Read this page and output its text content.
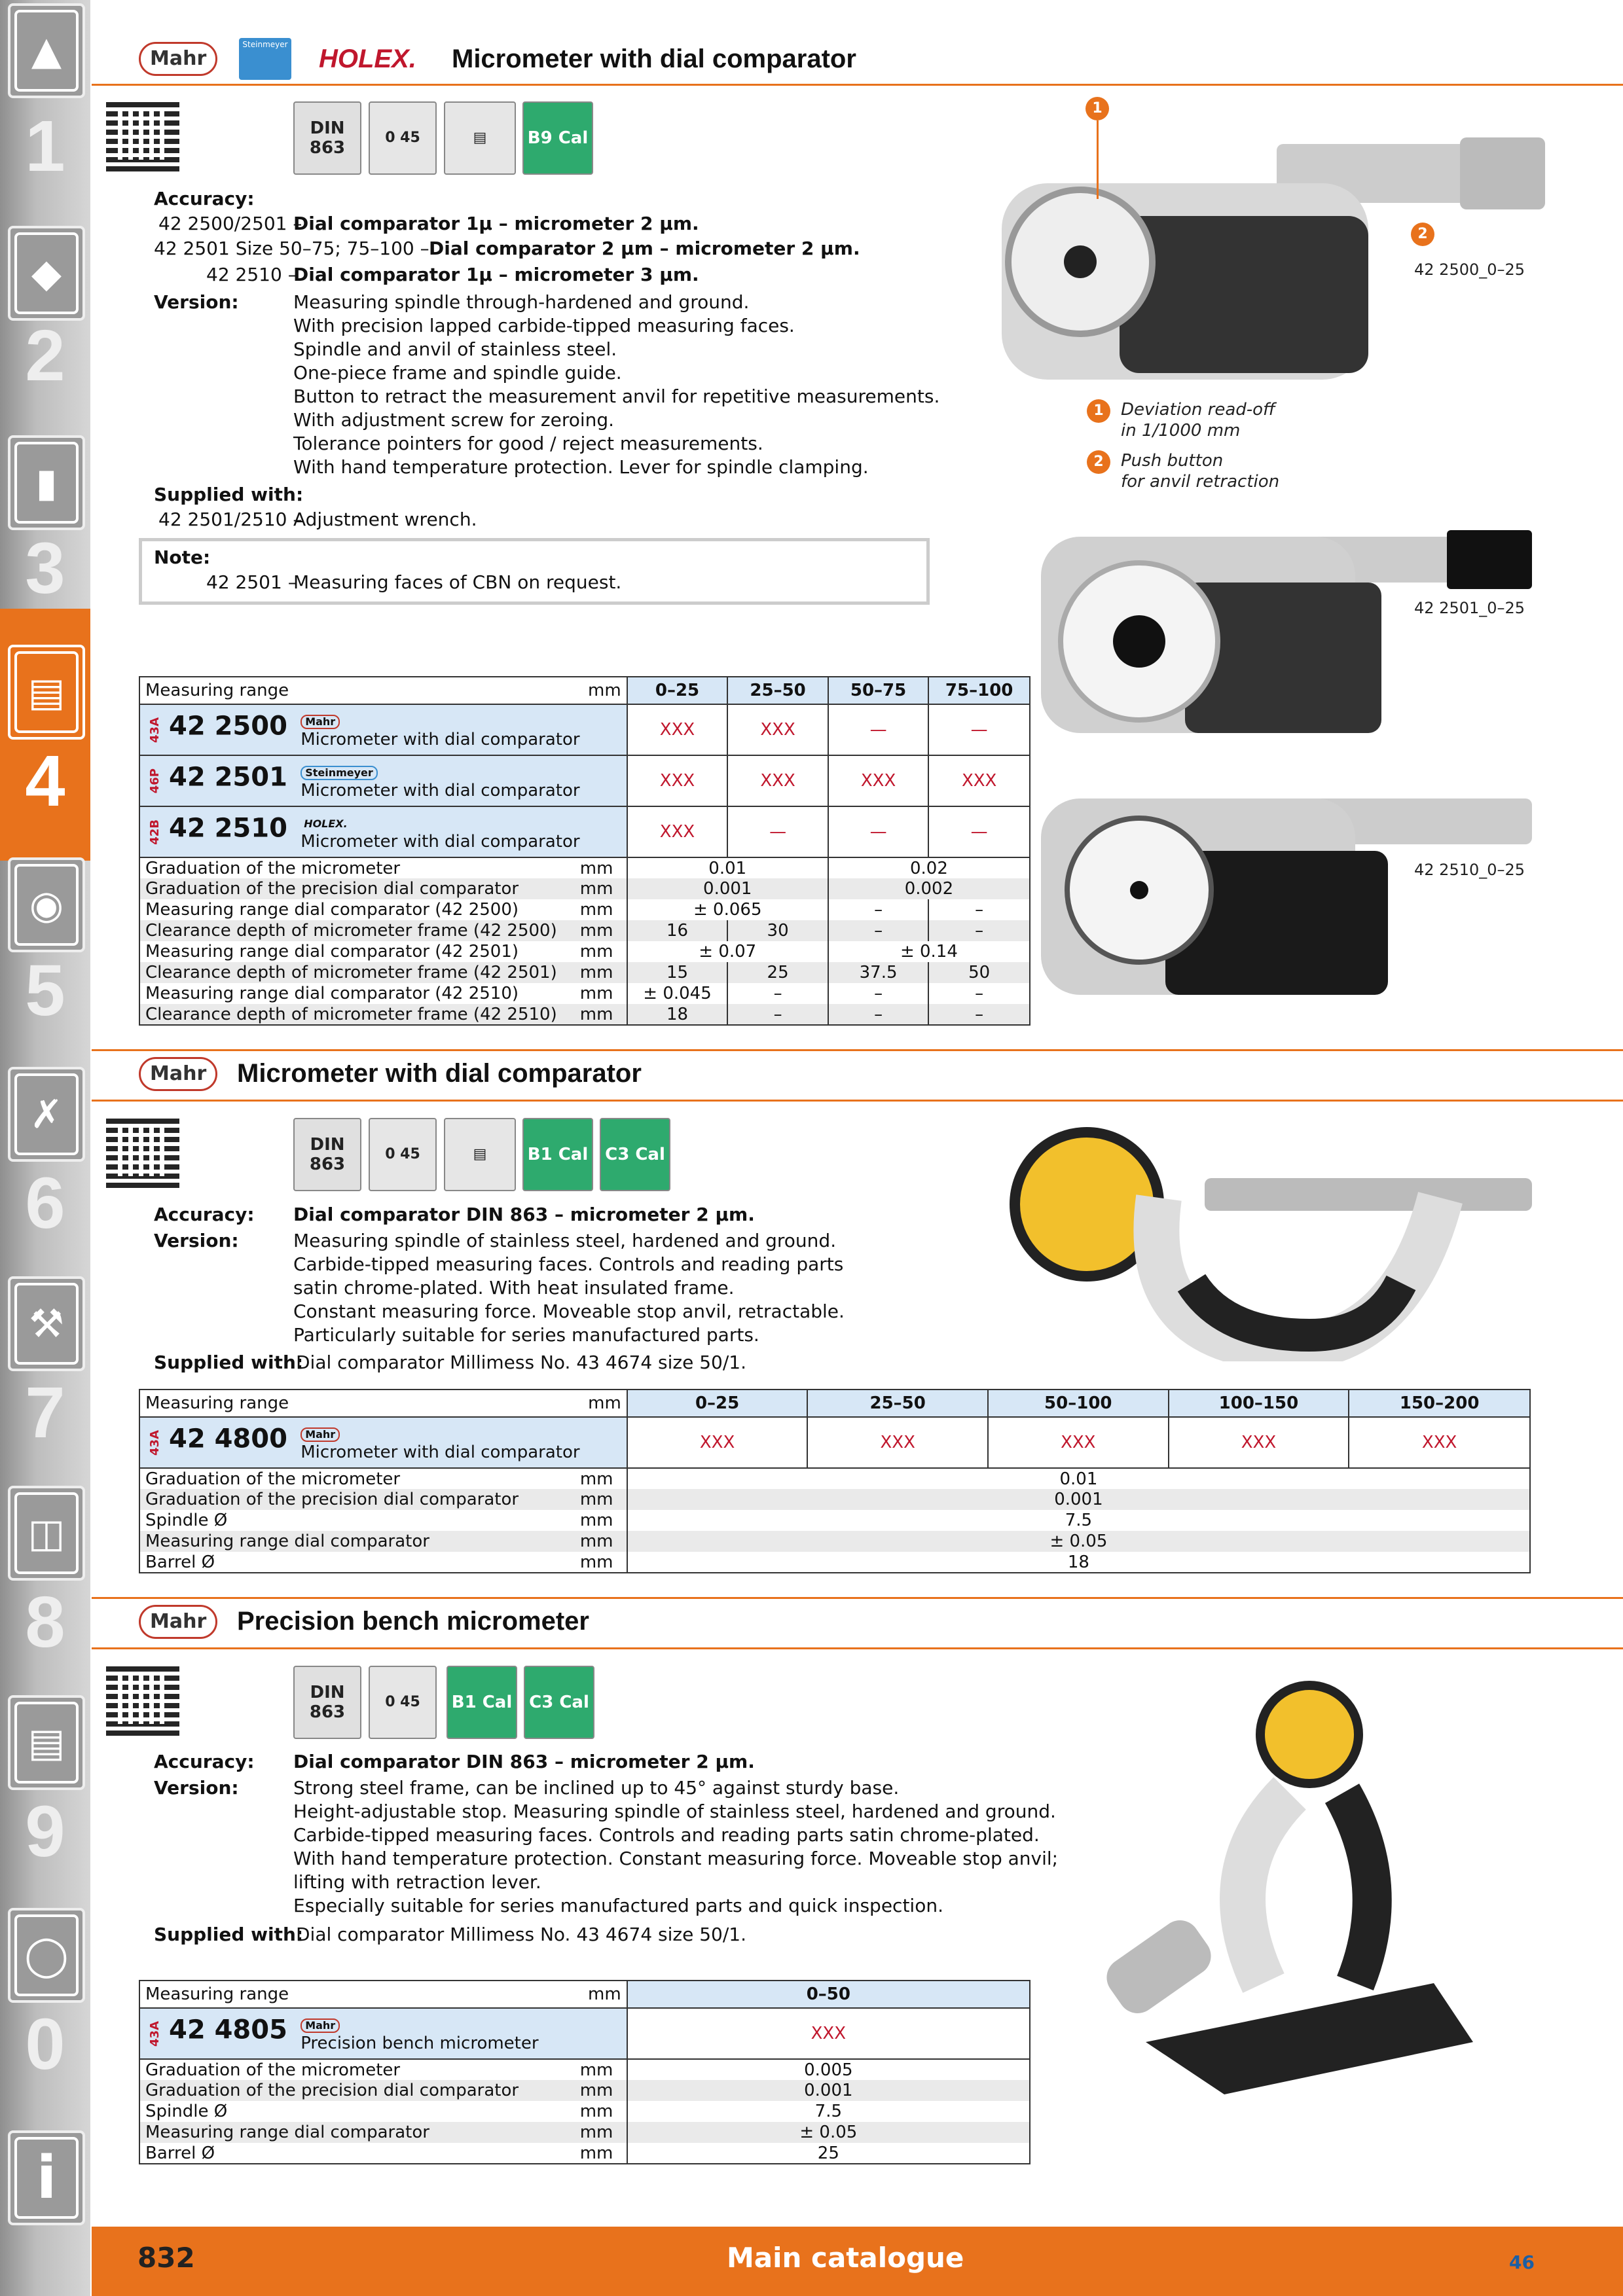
▲
1
◆
2
▮
3
▤
4
◉
5
✗
6
⚒
7
◫
8
▤
9
◯
0
i
Mahr
Steinmeyer HOLEX. Micrometer with dial comparator
DIN 863
0 45	▤	B9 Cal
Accuracy:
42 2500/2501 –
Dial comparator 1µ – micrometer 2 µm.
42 2501 Size 50–75; 75–100 – Dial comparator 2 µm – micrometer 2 µm.
42 2510 –
Dial comparator 1µ – micrometer 3 µm.
Version:	Measuring spindle through-hardened and ground.
With precision lapped carbide-tipped measuring faces.
Spindle and anvil of stainless steel.
One-piece frame and spindle guide.
Button to retract the measurement anvil for repetitive measurements.
With adjustment screw for zeroing.
Tolerance pointers for good / reject measurements.
With hand temperature protection. Lever for spindle clamping.
Supplied with:
42 2501/2510 –
Adjustment wrench.
Note:
42 2501 –
Measuring faces of CBN on request.
1
2
42 2500_0–25
1	Deviation read-off
in 1/1000 mm
2	Push button
for anvil retraction
42 2501_0–25
42 2510_0–25
Measuring range	mm	0–25	25–50	50–75	75–100
43A 42 2500 Mahr
Micrometer with dial comparator		XXX	XXX	—	—
46P 42 2501 Steinmeyer
Micrometer with dial comparator		XXX	XXX	XXX	XXX
42B 42 2510 HOLEX.
Micrometer with dial comparator		XXX	—	—	—
Graduation of the micrometer	mm	0.01		0.02	
Graduation of the precision dial comparator	mm	0.001		0.002	
Measuring range dial comparator (42 2500)	mm	± 0.065		–	–
Clearance depth of micrometer frame (42 2500)	mm	16	30	–	–
Measuring range dial comparator (42 2501)	mm	± 0.07		± 0.14	
Clearance depth of micrometer frame (42 2501)	mm	15	25	37.5	50
Measuring range dial comparator (42 2510)	mm	± 0.045	–	–	–
Clearance depth of micrometer frame (42 2510)	mm	18	–	–	–
Mahr	Micrometer with dial comparator
DIN 863
0 45	▤	B1 Cal C3 Cal
Accuracy: Dial comparator DIN 863 – micrometer 2 µm.
Version:	Measuring spindle of stainless steel, hardened and ground.
Carbide-tipped measuring faces. Controls and reading parts
satin chrome-plated. With heat insulated frame.
Constant measuring force. Moveable stop anvil, retractable.
Particularly suitable for series manufactured parts.
Supplied with:
Dial comparator Millimess No. 43 4674 size 50/1.
Measuring range	mm	0–25	25–50	50–100	100–150	150–200
43A 42 4800 Mahr
Micrometer with dial comparator		XXX	XXX	XXX	XXX	XXX
Graduation of the micrometer	mm	0.01				
Graduation of the precision dial comparator	mm	0.001				
Spindle Ø	mm	7.5				
Measuring range dial comparator	mm	± 0.05				
Barrel Ø	mm	18				
Mahr	Precision bench micrometer
DIN 863
0 45	B1 Cal C3 Cal
Accuracy: Dial comparator DIN 863 – micrometer 2 µm.
Version:	Strong steel frame, can be inclined up to 45° against sturdy base.
Height-adjustable stop. Measuring spindle of stainless steel, hardened and ground.
Carbide-tipped measuring faces. Controls and reading parts satin chrome-plated.
With hand temperature protection. Constant measuring force. Moveable stop anvil;
lifting with retraction lever.
Especially suitable for series manufactured parts and quick inspection.
Supplied with:
Dial comparator Millimess No. 43 4674 size 50/1.
Measuring range	mm	0–50
43A 42 4805 Mahr
Precision bench micrometer		XXX
Graduation of the micrometer	mm	0.005
Graduation of the precision dial comparator	mm	0.001
Spindle Ø	mm	7.5
Measuring range dial comparator	mm	± 0.05
Barrel Ø	mm	25
832	Main catalogue	46
